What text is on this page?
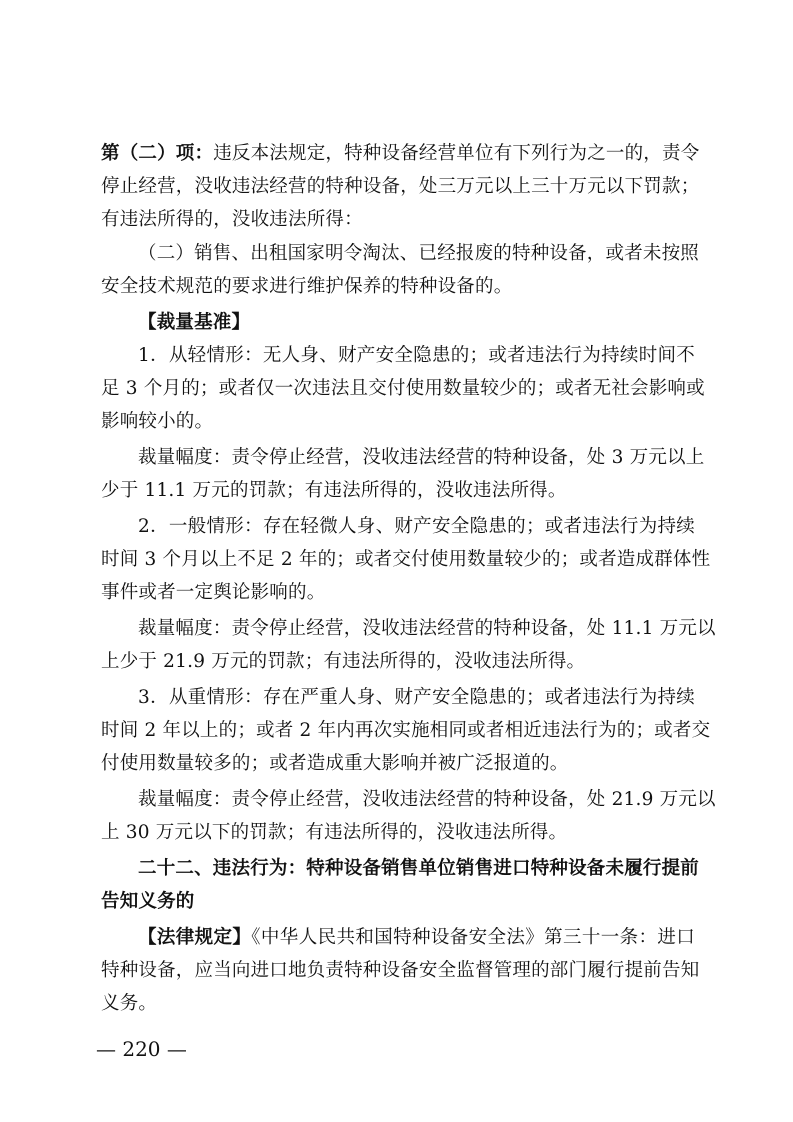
第（二）项：违反本法规定，特种设备经营单位有下列行为之一的，责令
停止经营，没收违法经营的特种设备，处三万元以上三十万元以下罚款；
有违法所得的，没收违法所得：
（二）销售、出租国家明令淘汰、已经报废的特种设备，或者未按照
安全技术规范的要求进行维护保养的特种设备的。
【裁量基准】
1．从轻情形：无人身、财产安全隐患的；或者违法行为持续时间不
足 3 个月的；或者仅一次违法且交付使用数量较少的；或者无社会影响或
影响较小的。
裁量幅度：责令停止经营，没收违法经营的特种设备，处 3 万元以上
少于 11.1 万元的罚款；有违法所得的，没收违法所得。
2．一般情形：存在轻微人身、财产安全隐患的；或者违法行为持续
时间 3 个月以上不足 2 年的；或者交付使用数量较少的；或者造成群体性
事件或者一定舆论影响的。
裁量幅度：责令停止经营，没收违法经营的特种设备，处 11.1 万元以
上少于 21.9 万元的罚款；有违法所得的，没收违法所得。
3．从重情形：存在严重人身、财产安全隐患的；或者违法行为持续
时间 2 年以上的；或者 2 年内再次实施相同或者相近违法行为的；或者交
付使用数量较多的；或者造成重大影响并被广泛报道的。
裁量幅度：责令停止经营，没收违法经营的特种设备，处 21.9 万元以
上 30 万元以下的罚款；有违法所得的，没收违法所得。
二十二、违法行为：特种设备销售单位销售进口特种设备未履行提前
告知义务的
【法律规定】《中华人民共和国特种设备安全法》第三十一条：进口
特种设备，应当向进口地负责特种设备安全监督管理的部门履行提前告知
义务。
— 220 —
